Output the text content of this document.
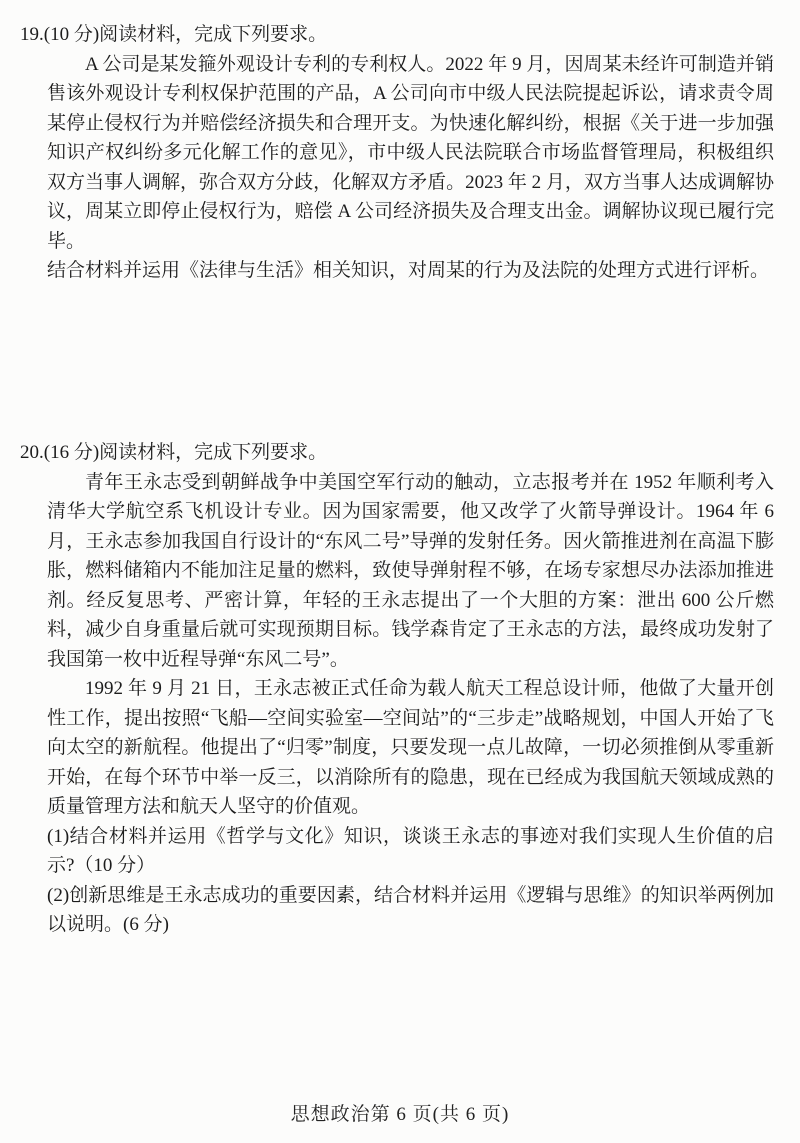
19.(10 分)阅读材料，完成下列要求。

A 公司是某发箍外观设计专利的专利权人。2022 年 9 月，因周某未经许可制造并销售该外观设计专利权保护范围的产品，A 公司向市中级人民法院提起诉讼，请求责令周某停止侵权行为并赔偿经济损失和合理开支。为快速化解纠纷，根据《关于进一步加强知识产权纠纷多元化解工作的意见》，市中级人民法院联合市场监督管理局，积极组织双方当事人调解，弥合双方分歧，化解双方矛盾。2023 年 2 月，双方当事人达成调解协议，周某立即停止侵权行为，赔偿 A 公司经济损失及合理支出金。调解协议现已履行完毕。

结合材料并运用《法律与生活》相关知识，对周某的行为及法院的处理方式进行评析。

20.(16 分)阅读材料，完成下列要求。

青年王永志受到朝鲜战争中美国空军行动的触动，立志报考并在 1952 年顺利考入清华大学航空系飞机设计专业。因为国家需要，他又改学了火箭导弹设计。1964 年 6 月，王永志参加我国自行设计的“东风二号”导弹的发射任务。因火箭推进剂在高温下膨胀，燃料储箱内不能加注足量的燃料，致使导弹射程不够，在场专家想尽办法添加推进剂。经反复思考、严密计算，年轻的王永志提出了一个大胆的方案：泄出 600 公斤燃料，减少自身重量后就可实现预期目标。钱学森肯定了王永志的方法，最终成功发射了我国第一枚中近程导弹“东风二号”。

1992 年 9 月 21 日，王永志被正式任命为载人航天工程总设计师，他做了大量开创性工作，提出按照“飞船—空间实验室—空间站”的“三步走”战略规划，中国人开始了飞向太空的新航程。他提出了“归零”制度，只要发现一点儿故障，一切必须推倒从零重新开始，在每个环节中举一反三，以消除所有的隐患，现在已经成为我国航天领域成熟的质量管理方法和航天人坚守的价值观。

(1)结合材料并运用《哲学与文化》知识，谈谈王永志的事迹对我们实现人生价值的启示?（10 分）

(2)创新思维是王永志成功的重要因素，结合材料并运用《逻辑与思维》的知识举两例加以说明。(6 分)

思想政治第 6 页(共 6 页)
